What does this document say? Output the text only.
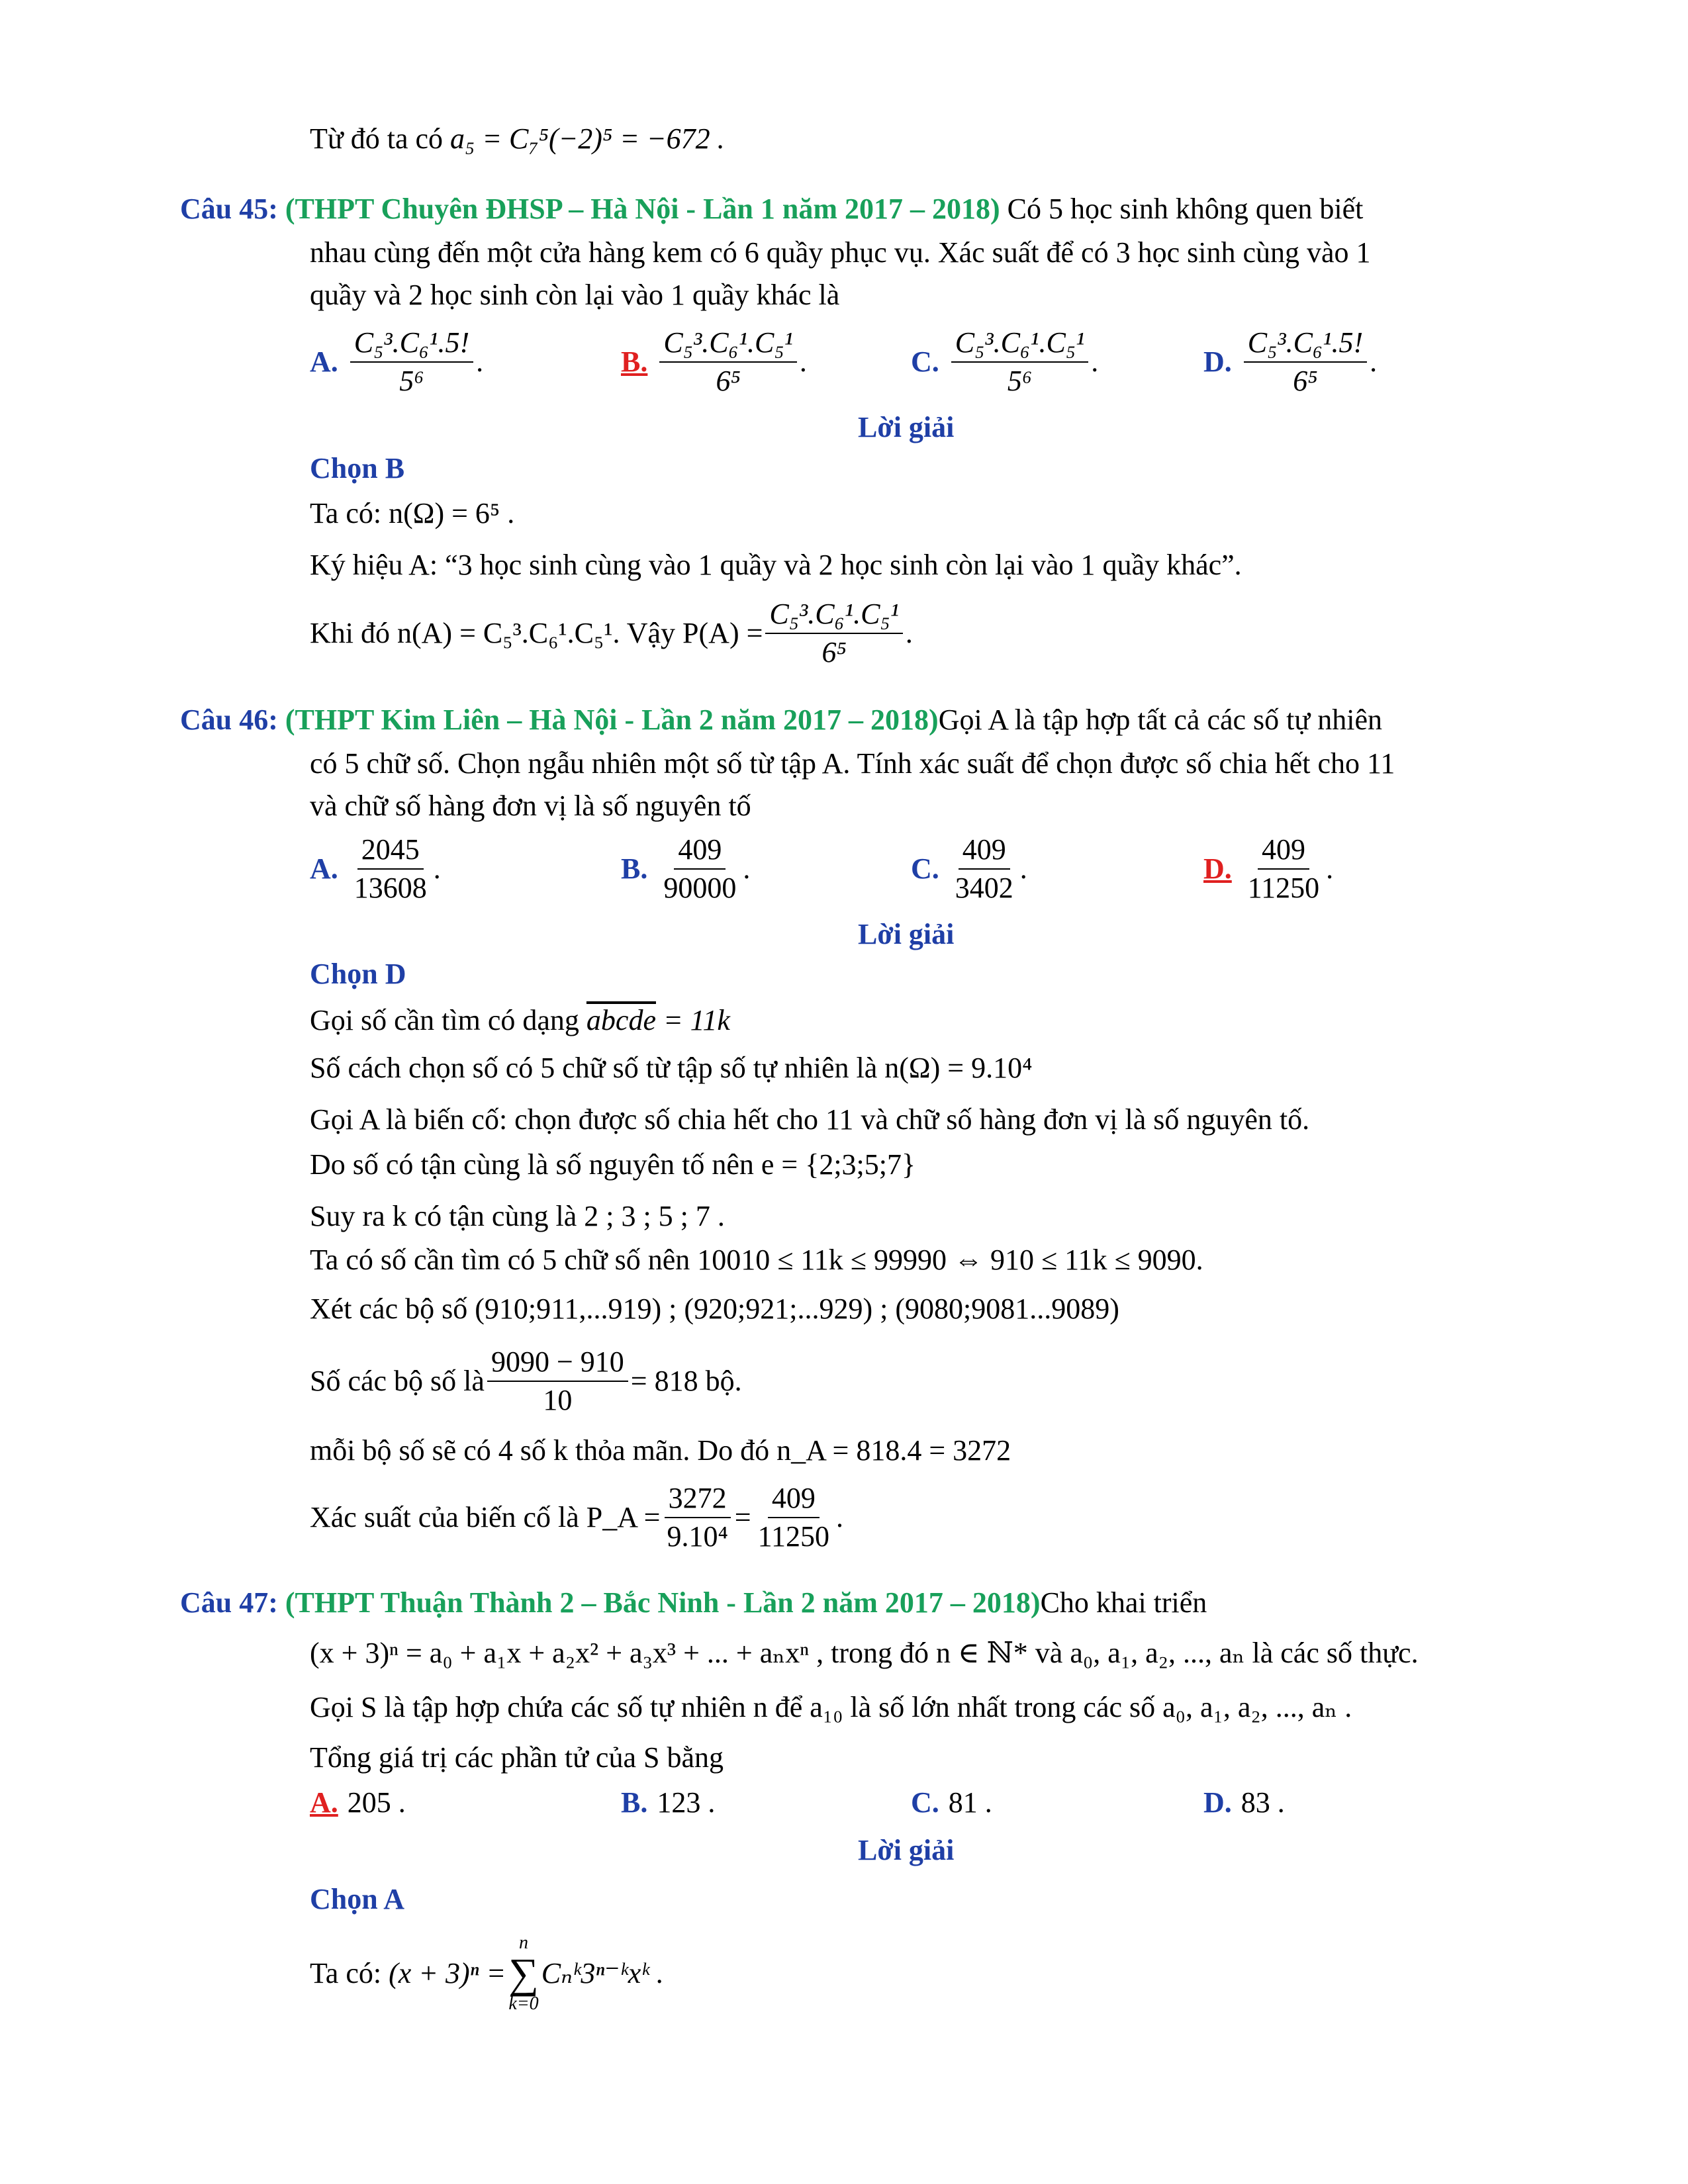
Từ đó ta có a₅ = C₇⁵(−2)⁵ = −672 .
Câu 45: (THPT Chuyên ĐHSP – Hà Nội - Lần 1 năm 2017 – 2018) Có 5 học sinh không quen biết
nhau cùng đến một cửa hàng kem có 6 quầy phục vụ. Xác suất để có 3 học sinh cùng vào 1
quầy và 2 học sinh còn lại vào 1 quầy khác là
A. $\frac{\text{C₅³.C₆¹.5!}}{\text{5⁶}}$ .	B. $\frac{\text{C₅³.C₆¹.C₅¹}}{\text{6⁵}}$ .	C. $\frac{\text{C₅³.C₆¹.C₅¹}}{\text{5⁶}}$ .	D. $\frac{\text{C₅³.C₆¹.5!}}{\text{6⁵}}$ .
Lời giải
Chọn B
Ta có: n(Ω) = 6⁵ .
Ký hiệu A: “3 học sinh cùng vào 1 quầy và 2 học sinh còn lại vào 1 quầy khác”.
Khi đó n(A) = C₅³.C₆¹.C₅¹. Vậy $P(A) = \frac{\text{C₅³.C₆¹.C₅¹}}{\text{6⁵}}$ .
Câu 46: (THPT Kim Liên – Hà Nội - Lần 2 năm 2017 – 2018)Gọi A là tập hợp tất cả các số tự nhiên
có 5 chữ số. Chọn ngẫu nhiên một số từ tập A. Tính xác suất để chọn được số chia hết cho 11
và chữ số hàng đơn vị là số nguyên tố
A. $\frac{2045}{13608}$ .	B. $\frac{409}{90000}$ .	C. $\frac{409}{3402}$ .	D. $\frac{409}{11250}$ .
Lời giải
Chọn D
Gọi số cần tìm có dạng abcde = 11k
Số cách chọn số có 5 chữ số từ tập số tự nhiên là n(Ω) = 9.10⁴
Gọi A là biến cố: chọn được số chia hết cho 11 và chữ số hàng đơn vị là số nguyên tố.
Do số có tận cùng là số nguyên tố nên e = {2;3;5;7}
Suy ra k có tận cùng là 2 ; 3 ; 5 ; 7 .
Ta có số cần tìm có 5 chữ số nên 10010 ≤ 11k ≤ 99990 ⇔ 910 ≤ 11k ≤ 9090.
Xét các bộ số (910;911,...919) ; (920;921;...929) ; (9080;9081...9089)
Số các bộ số là $\frac{9090 - 910}{10} = 818$ bộ.
mỗi bộ số sẽ có 4 số k thỏa mãn. Do đó n_A = 818.4 = 3272
Xác suất của biến cố là P_A = $\frac{3272}{\text{9.10⁴}} = \frac{409}{11250}$ .
Câu 47: (THPT Thuận Thành 2 – Bắc Ninh - Lần 2 năm 2017 – 2018)Cho khai triển
(x + 3)ⁿ = a₀ + a₁x + a₂x² + a₃x³ + ... + aₙxⁿ , trong đó n ∈ ℕ* và a₀, a₁, a₂, ..., aₙ là các số thực.
Gọi S là tập hợp chứa các số tự nhiên n để a₁₀ là số lớn nhất trong các số a₀, a₁, a₂, ..., aₙ .
Tổng giá trị các phần tử của S bằng
A. 205 .	B. 123 .	C. 81 .	D. 83 .
Lời giải
Chọn A
Ta có:
(x + 3)ⁿ =
n
∑
k=0
Cₙᵏ3ⁿ⁻ᵏxᵏ .
